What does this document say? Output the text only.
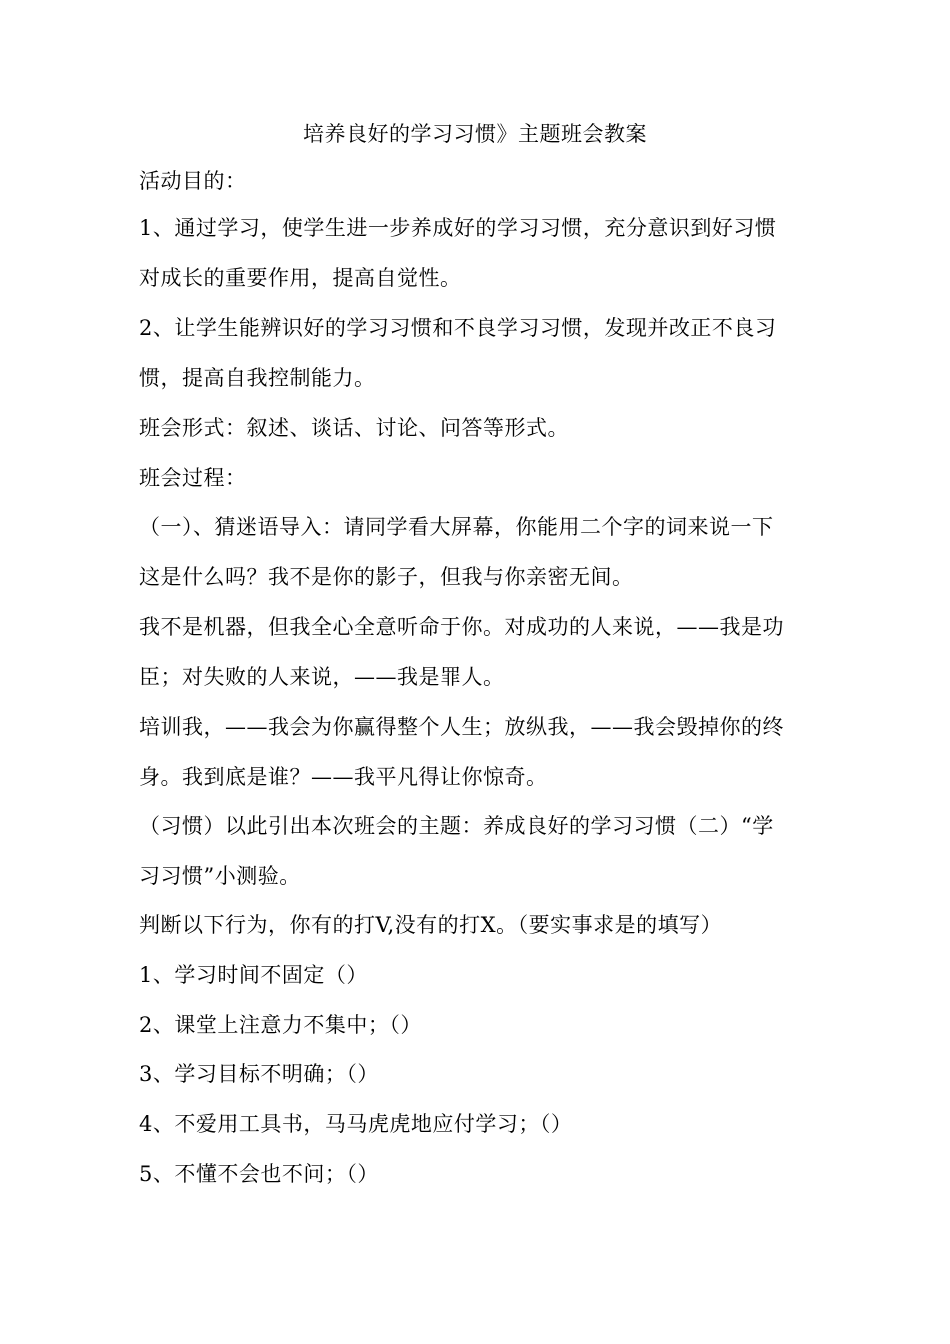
培养良好的学习习惯》主题班会教案
活动目的：
1、通过学习，使学生进一步养成好的学习习惯，充分意识到好习惯
对成长的重要作用，提高自觉性。
2、让学生能辨识好的学习习惯和不良学习习惯，发现并改正不良习
惯，提高自我控制能力。
班会形式：叙述、谈话、讨论、问答等形式。
班会过程：
（一）、猜迷语导入：请同学看大屏幕，你能用二个字的词来说一下
这是什么吗？我不是你的影子，但我与你亲密无间。
我不是机器，但我全心全意听命于你。对成功的人来说，——我是功
臣；对失败的人来说，——我是罪人。
培训我，——我会为你赢得整个人生；放纵我，——我会毁掉你的终
身。我到底是谁？——我平凡得让你惊奇。
（习惯）以此引出本次班会的主题：养成良好的学习习惯（二）“学
习习惯”小测验。
判断以下行为，你有的打V,没有的打X。（要实事求是的填写）
1、学习时间不固定（）
2、课堂上注意力不集中；（）
3、学习目标不明确；（）
4、不爱用工具书，马马虎虎地应付学习；（）
5、不懂不会也不问；（）
